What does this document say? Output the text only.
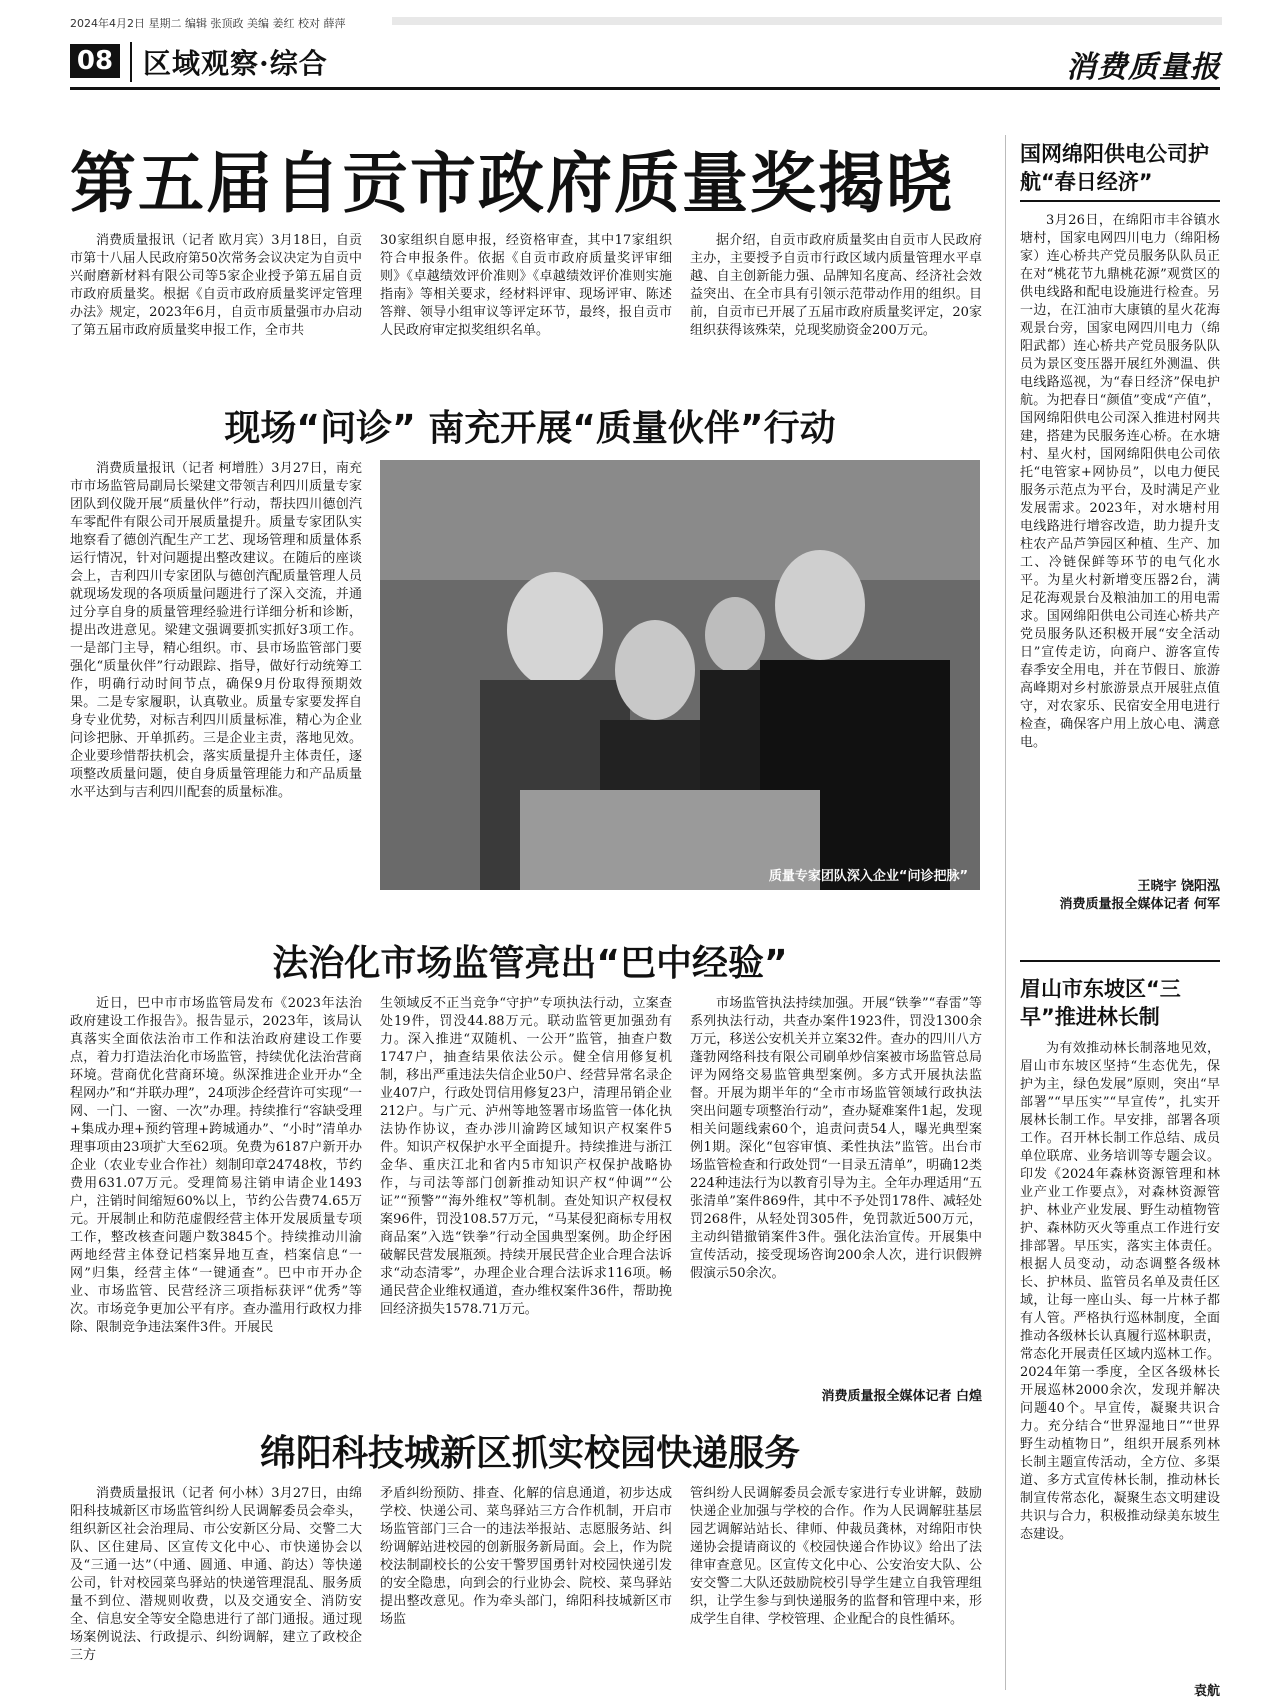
2024年4月2日 星期二 编辑 张顶政 美编 姜红 校对 薛萍
08 区域观察·综合	消费质量报
第五届自贡市政府质量奖揭晓

消费质量报讯（记者 欧月宾）3月18日，自贡市第十八届人民政府第50次常务会议决定为自贡中兴耐磨新材料有限公司等5家企业授予第五届自贡市政府质量奖。根据《自贡市政府质量奖评定管理办法》规定，2023年6月，自贡市质量强市办启动了第五届市政府质量奖申报工作，全市共

30家组织自愿申报，经资格审查，其中17家组织符合申报条件。依据《自贡市政府质量奖评审细则》《卓越绩效评价准则》《卓越绩效评价准则实施指南》等相关要求，经材料评审、现场评审、陈述答辩、领导小组审议等评定环节，最终，报自贡市人民政府审定拟奖组织名单。

据介绍，自贡市政府质量奖由自贡市人民政府主办，主要授予自贡市行政区域内质量管理水平卓越、自主创新能力强、品牌知名度高、经济社会效益突出、在全市具有引领示范带动作用的组织。目前，自贡市已开展了五届市政府质量奖评定，20家组织获得该殊荣，兑现奖励资金200万元。

现场“问诊” 南充开展“质量伙伴”行动

消费质量报讯（记者 柯增胜）3月27日，南充市市场监管局副局长梁建文带领吉利四川质量专家团队到仪陇开展“质量伙伴”行动，帮扶四川德创汽车零配件有限公司开展质量提升。质量专家团队实地察看了德创汽配生产工艺、现场管理和质量体系运行情况，针对问题提出整改建议。在随后的座谈会上，吉利四川专家团队与德创汽配质量管理人员就现场发现的各项质量问题进行了深入交流，并通过分享自身的质量管理经验进行详细分析和诊断，提出改进意见。梁建文强调要抓实抓好3项工作。一是部门主导，精心组织。市、县市场监管部门要强化“质量伙伴”行动跟踪、指导，做好行动统筹工作，明确行动时间节点，确保9月份取得预期效果。二是专家履职，认真敬业。质量专家要发挥自身专业优势，对标吉利四川质量标准，精心为企业问诊把脉、开单抓药。三是企业主责，落地见效。企业要珍惜帮扶机会，落实质量提升主体责任，逐项整改质量问题，使自身质量管理能力和产品质量水平达到与吉利四川配套的质量标准。

质量专家团队深入企业“问诊把脉”
法治化市场监管亮出“巴中经验”

近日，巴中市市场监管局发布《2023年法治政府建设工作报告》。报告显示，2023年，该局认真落实全面依法治市工作和法治政府建设工作要点，着力打造法治化市场监管，持续优化法治营商环境。营商优化营商环境。纵深推进企业开办“全程网办”和“并联办理”，24项涉企经营许可实现“一网、一门、一窗、一次”办理。持续推行“容缺受理+集成办理+预约管理+跨城通办”、“小时”清单办理事项由23项扩大至62项。免费为6187户新开办企业（农业专业合作社）刻制印章24748枚，节约费用631.07万元。受理简易注销申请企业1493户，注销时间缩短60%以上，节约公告费74.65万元。开展制止和防范虚假经营主体开发展质量专项工作，整改核查问题户数3845个。持续推动川渝两地经营主体登记档案异地互查，档案信息“一网”归集，经营主体“一键通查”。巴中市开办企业、市场监管、民营经济三项指标获评“优秀”等次。市场竞争更加公平有序。查办滥用行政权力排除、限制竞争违法案件3件。开展民

生领域反不正当竞争“守护”专项执法行动，立案查处19件，罚没44.88万元。联动监管更加强劲有力。深入推进“双随机、一公开”监管，抽查户数1747户，抽查结果依法公示。健全信用修复机制，移出严重违法失信企业50户、经营异常名录企业407户，行政处罚信用修复23户，清理吊销企业212户。与广元、泸州等地签署市场监管一体化执法协作协议，查办涉川渝跨区域知识产权案件5件。知识产权保护水平全面提升。持续推进与浙江金华、重庆江北和省内5市知识产权保护战略协作，与司法等部门创新推动知识产权“仲调”“公证”“预警”“海外维权”等机制。查处知识产权侵权案96件，罚没108.57万元，“马某侵犯商标专用权商品案”入选“铁拳”行动全国典型案例。助企纾困破解民营发展瓶颈。持续开展民营企业合理合法诉求“动态清零”，办理企业合理合法诉求116项。畅通民营企业维权通道，查办维权案件36件，帮助挽回经济损失1578.71万元。

市场监管执法持续加强。开展“铁拳”“春雷”等系列执法行动，共查办案件1923件，罚没1300余万元，移送公安机关并立案32件。查办的四川八方蓬勃网络科技有限公司刷单炒信案被市场监管总局评为网络交易监管典型案例。多方式开展执法监督。开展为期半年的“全市市场监管领域行政执法突出问题专项整治行动”，查办疑难案件1起，发现相关问题线索60个，追责问责54人，曝光典型案例1期。深化“包容审慎、柔性执法”监管。出台市场监管检查和行政处罚“一目录五清单”，明确12类224种违法行为以教育引导为主。全年办理适用“五张清单”案件869件，其中不予处罚178件、减轻处罚268件，从轻处罚305件，免罚款近500万元，主动纠错撤销案件3件。强化法治宣传。开展集中宣传活动，接受现场咨询200余人次，进行识假辨假演示50余次。

消费质量报全媒体记者 白煌
绵阳科技城新区抓实校园快递服务

消费质量报讯（记者 何小林）3月27日，由绵阳科技城新区市场监管纠纷人民调解委员会牵头，组织新区社会治理局、市公安新区分局、交警二大队、区住建局、区宣传文化中心、市快递协会以及“三通一达”（中通、圆通、申通、韵达）等快递公司，针对校园菜鸟驿站的快递管理混乱、服务质量不到位、潜规则收费，以及交通安全、消防安全、信息安全等安全隐患进行了部门通报。通过现场案例说法、行政提示、纠纷调解，建立了政校企三方

矛盾纠纷预防、排查、化解的信息通道，初步达成学校、快递公司、菜鸟驿站三方合作机制，开启市场监管部门三合一的违法举报站、志愿服务站、纠纷调解站进校园的创新服务新局面。会上，作为院校法制副校长的公安干警罗国勇针对校园快递引发的安全隐患，向到会的行业协会、院校、菜鸟驿站提出整改意见。作为牵头部门，绵阳科技城新区市场监

管纠纷人民调解委员会派专家进行专业讲解，鼓励快递企业加强与学校的合作。作为人民调解驻基层园艺调解站站长、律师、仲裁员龚林，对绵阳市快递协会提请商议的《校园快递合作协议》给出了法律审查意见。区宣传文化中心、公安治安大队、公安交警二大队还鼓励院校引导学生建立自我管理组织，让学生参与到快递服务的监督和管理中来，形成学生自律、学校管理、企业配合的良性循环。

国网绵阳供电公司护航“春日经济”

3月26日，在绵阳市丰谷镇水塘村，国家电网四川电力（绵阳杨家）连心桥共产党员服务队队员正在对“桃花节九鼎桃花源”观赏区的供电线路和配电设施进行检查。另一边，在江油市大康镇的星火花海观景台旁，国家电网四川电力（绵阳武都）连心桥共产党员服务队队员为景区变压器开展红外测温、供电线路巡视，为“春日经济”保电护航。为把春日“颜值”变成“产值”，国网绵阳供电公司深入推进村网共建，搭建为民服务连心桥。在水塘村、星火村，国网绵阳供电公司依托“电管家+网协员”，以电力便民服务示范点为平台，及时满足产业发展需求。2023年，对水塘村用电线路进行增容改造，助力提升支柱农产品芦笋园区种植、生产、加工、冷链保鲜等环节的电气化水平。为星火村新增变压器2台，满足花海观景台及粮油加工的用电需求。国网绵阳供电公司连心桥共产党员服务队还积极开展“安全活动日”宣传走访，向商户、游客宣传春季安全用电，并在节假日、旅游高峰期对乡村旅游景点开展驻点值守，对农家乐、民宿安全用电进行检查，确保客户用上放心电、满意电。

王晓宇 饶阳泓
消费质量报全媒体记者 何军
眉山市东坡区“三早”推进林长制

为有效推动林长制落地见效，眉山市东坡区坚持“生态优先，保护为主，绿色发展”原则，突出“早部署”“早压实”“早宣传”，扎实开展林长制工作。早安排，部署各项工作。召开林长制工作总结、成员单位联席、业务培训等专题会议。印发《2024年森林资源管理和林业产业工作要点》，对森林资源管护、林业产业发展、野生动植物管护、森林防灭火等重点工作进行安排部署。早压实，落实主体责任。根据人员变动，动态调整各级林长、护林员、监管员名单及责任区域，让每一座山头、每一片林子都有人管。严格执行巡林制度，全面推动各级林长认真履行巡林职责，常态化开展责任区域内巡林工作。2024年第一季度，全区各级林长开展巡林2000余次，发现并解决问题40个。早宣传，凝聚共识合力。充分结合“世界湿地日”“世界野生动植物日”，组织开展系列林长制主题宣传活动，全方位、多渠道、多方式宣传林长制，推动林长制宣传常态化，凝聚生态文明建设共识与合力，积极推动绿美东坡生态建设。

袁航
